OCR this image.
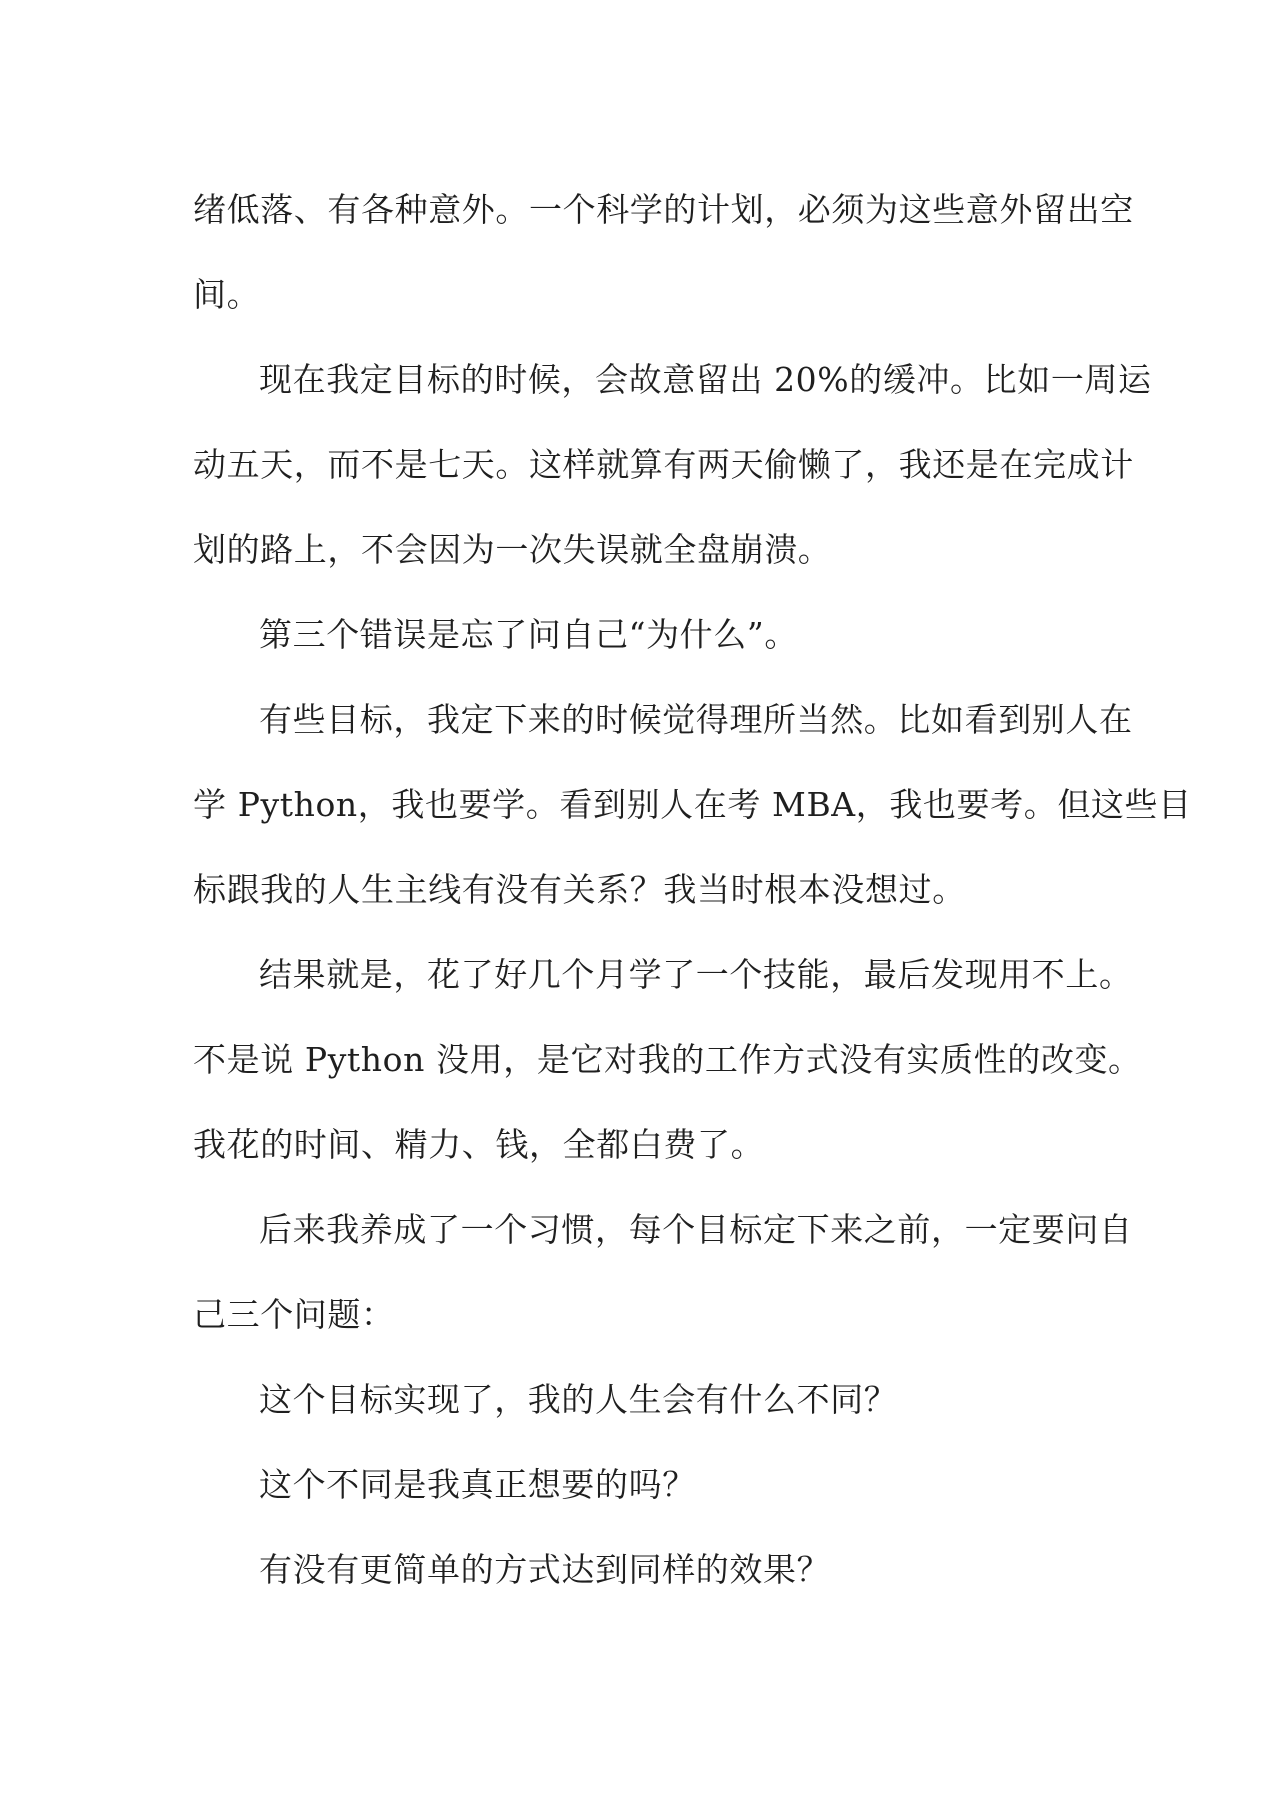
绪低落、有各种意外。一个科学的计划，必须为这些意外留出空
间。
现在我定目标的时候，会故意留出 20%的缓冲。比如一周运
动五天，而不是七天。这样就算有两天偷懒了，我还是在完成计
划的路上，不会因为一次失误就全盘崩溃。
第三个错误是忘了问自己“为什么”。
有些目标，我定下来的时候觉得理所当然。比如看到别人在
学 Python，我也要学。看到别人在考 MBA，我也要考。但这些目
标跟我的人生主线有没有关系？我当时根本没想过。
结果就是，花了好几个月学了一个技能，最后发现用不上。
不是说 Python 没用，是它对我的工作方式没有实质性的改变。
我花的时间、精力、钱，全都白费了。
后来我养成了一个习惯，每个目标定下来之前，一定要问自
己三个问题：
这个目标实现了，我的人生会有什么不同？
这个不同是我真正想要的吗？
有没有更简单的方式达到同样的效果？
